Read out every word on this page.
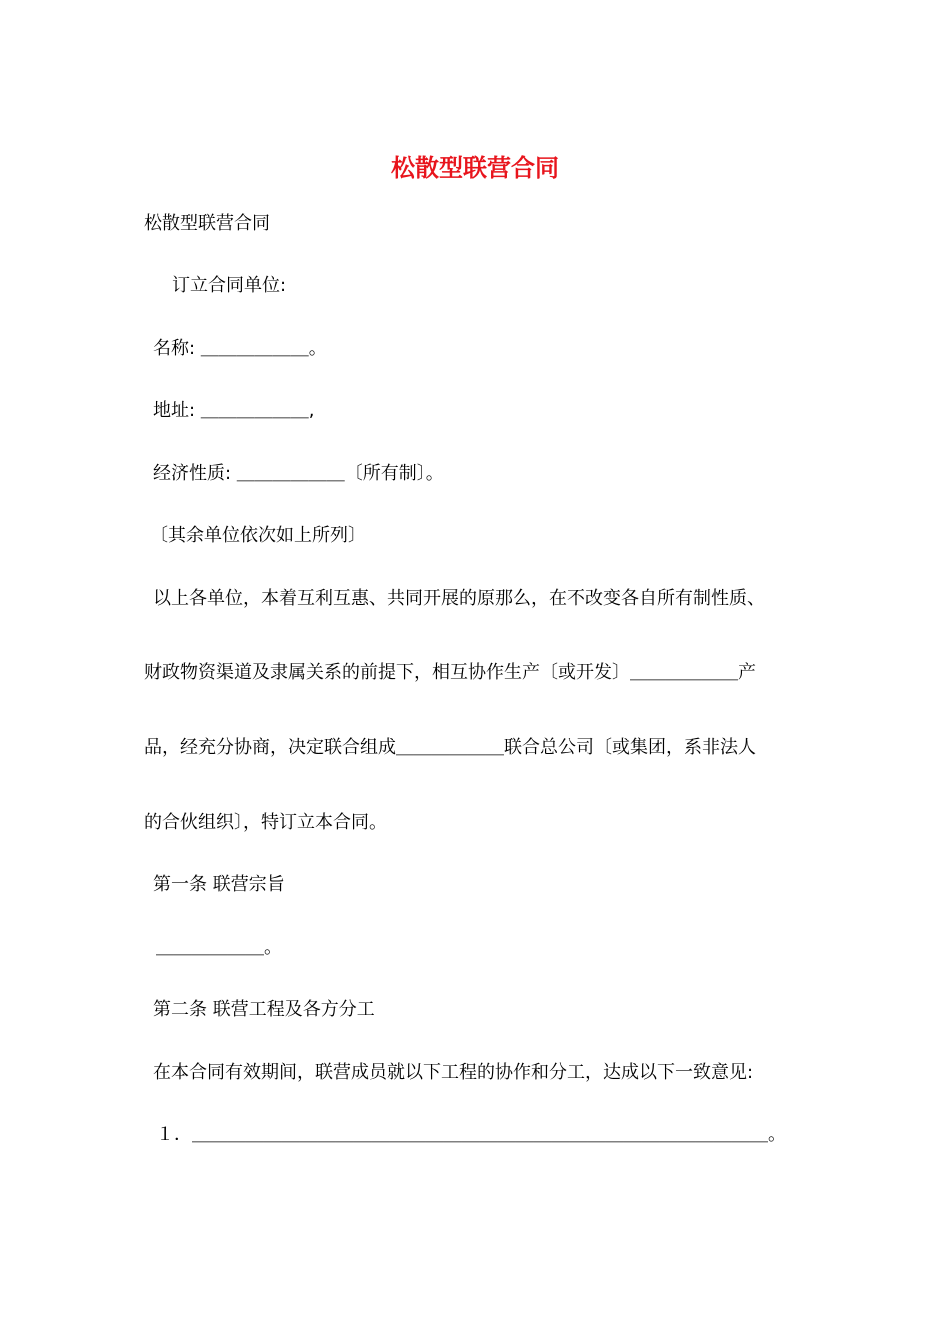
松散型联营合同
松散型联营合同
订立合同单位:
名称: ＿＿＿＿＿＿。
地址: ＿＿＿＿＿＿,
经济性质: ＿＿＿＿＿＿〔所有制〕。
〔其余单位依次如上所列〕
以上各单位，本着互利互惠、共同开展的原那么，在不改变各自所有制性质、
财政物资渠道及隶属关系的前提下，相互协作生产〔或开发〕＿＿＿＿＿＿产
品，经充分协商，决定联合组成＿＿＿＿＿＿联合总公司〔或集团，系非法人
的合伙组织〕，特订立本合同。
第一条 联营宗旨
＿＿＿＿＿＿。
第二条 联营工程及各方分工
在本合同有效期间，联营成员就以下工程的协作和分工，达成以下一致意见:
１．＿＿＿＿＿＿＿＿＿＿＿＿＿＿＿＿＿＿＿＿＿＿＿＿＿＿＿＿＿＿＿＿。
